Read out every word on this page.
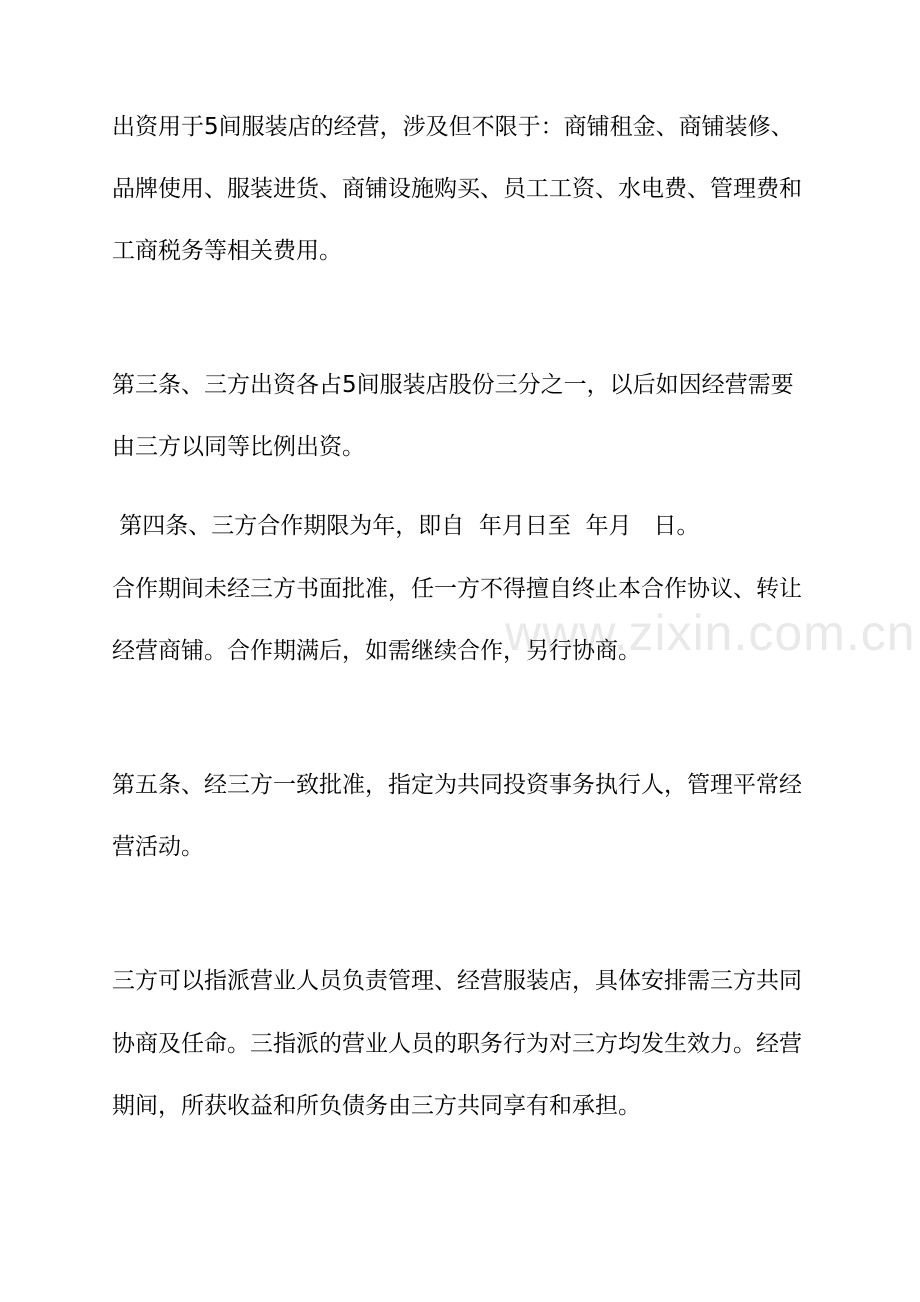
www.zixin.com.cn
出资用于5间服装店的经营，涉及但不限于：商铺租金、商铺装修、
品牌使用、服装进货、商铺设施购买、员工工资、水电费、管理费和
工商税务等相关费用。
第三条、三方出资各占5间服装店股份三分之一，以后如因经营需要
由三方以同等比例出资。
第四条、三方合作期限为年，即自  年月日至  年月   日。
合作期间未经三方书面批准，任一方不得擅自终止本合作协议、转让
经营商铺。合作期满后，如需继续合作，另行协商。
第五条、经三方一致批准，指定为共同投资事务执行人，管理平常经
营活动。
三方可以指派营业人员负责管理、经营服装店，具体安排需三方共同
协商及任命。三指派的营业人员的职务行为对三方均发生效力。经营
期间，所获收益和所负债务由三方共同享有和承担。
